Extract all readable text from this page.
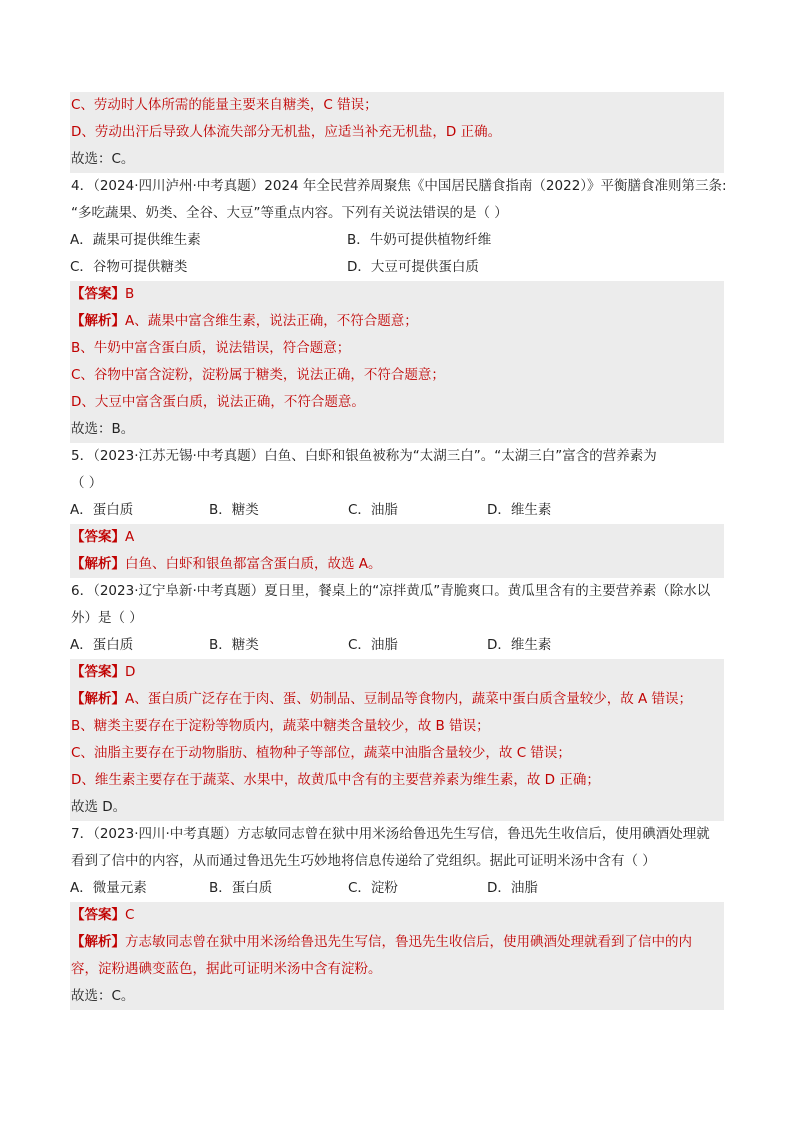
C、劳动时人体所需的能量主要来自糖类，C 错误；
D、劳动出汗后导致人体流失部分无机盐，应适当补充无机盐，D 正确。
故选：C。
4．（2024·四川泸州·中考真题）2024 年全民营养周聚焦《中国居民膳食指南（2022）》平衡膳食准则第三条:
“多吃蔬果、奶类、全谷、大豆”等重点内容。下列有关说法错误的是（ ）
A．蔬果可提供维生素	B．牛奶可提供植物纤维
C．谷物可提供糖类	D．大豆可提供蛋白质
【答案】B
【解析】A、蔬果中富含维生素，说法正确，不符合题意；
B、牛奶中富含蛋白质，说法错误，符合题意；
C、谷物中富含淀粉，淀粉属于糖类，说法正确，不符合题意；
D、大豆中富含蛋白质，说法正确，不符合题意。
故选：B。
5．（2023·江苏无锡·中考真题）白鱼、白虾和银鱼被称为“太湖三白”。“太湖三白”富含的营养素为
（ ）
A．蛋白质	B．糖类	C．油脂	D．维生素
【答案】A
【解析】白鱼、白虾和银鱼都富含蛋白质，故选 A。
6．（2023·辽宁阜新·中考真题）夏日里，餐桌上的“凉拌黄瓜”青脆爽口。黄瓜里含有的主要营养素（除水以
外）是（ ）
A．蛋白质	B．糖类	C．油脂	D．维生素
【答案】D
【解析】A、蛋白质广泛存在于肉、蛋、奶制品、豆制品等食物内，蔬菜中蛋白质含量较少，故 A 错误；
B、糖类主要存在于淀粉等物质内，蔬菜中糖类含量较少，故 B 错误；
C、油脂主要存在于动物脂肪、植物种子等部位，蔬菜中油脂含量较少，故 C 错误；
D、维生素主要存在于蔬菜、水果中，故黄瓜中含有的主要营养素为维生素，故 D 正确；
故选 D。
7．（2023·四川·中考真题）方志敏同志曾在狱中用米汤给鲁迅先生写信，鲁迅先生收信后，使用碘酒处理就
看到了信中的内容，从而通过鲁迅先生巧妙地将信息传递给了党组织。据此可证明米汤中含有（ ）
A．微量元素	B．蛋白质	C．淀粉	D．油脂
【答案】C
【解析】方志敏同志曾在狱中用米汤给鲁迅先生写信，鲁迅先生收信后，使用碘酒处理就看到了信中的内
容，淀粉遇碘变蓝色，据此可证明米汤中含有淀粉。
故选：C。
